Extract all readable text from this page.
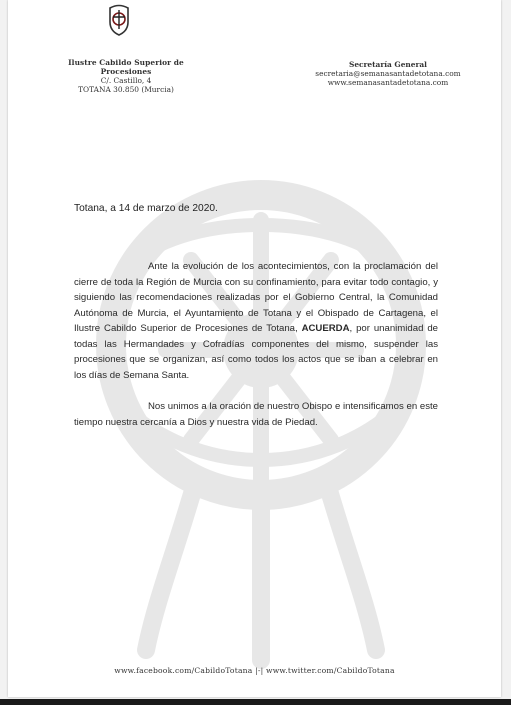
Ilustre Cabildo Superior de Procesiones
C/. Castillo, 4
TOTANA 30.850 (Murcia)
Secretaría General
secretaria@semanasantadetotana.com
www.semanasantadetotana.com
Totana, a 14 de marzo de 2020.

Ante la evolución de los acontecimientos, con la proclamación del cierre de toda la Región de Murcia con su confinamiento, para evitar todo contagio, y siguiendo las recomendaciones realizadas por el Gobierno Central, la Comunidad Autónoma de Murcia, el Ayuntamiento de Totana y el Obispado de Cartagena, el Ilustre Cabildo Superior de Procesiones de Totana, ACUERDA, por unanimidad de todas las Hermandades y Cofradías componentes del mismo, suspender las procesiones que se organizan, así como todos los actos que se iban a celebrar en los días de Semana Santa.

Nos unimos a la oración de nuestro Obispo e intensificamos en este tiempo nuestra cercanía a Dios y nuestra vida de Piedad.

www.facebook.com/CabildoTotana |-| www.twitter.com/CabildoTotana
